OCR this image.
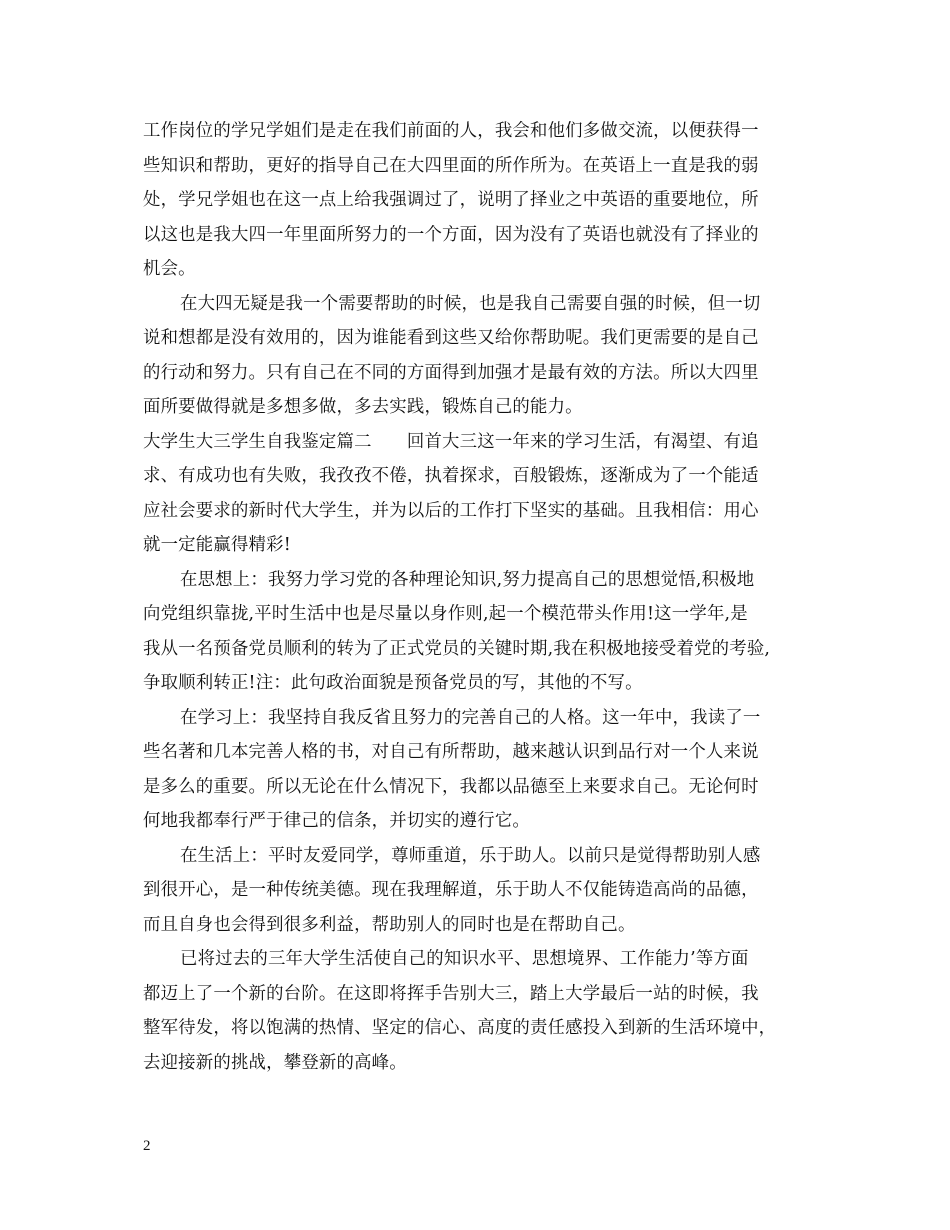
工作岗位的学兄学姐们是走在我们前面的人，我会和他们多做交流，以便获得一
些知识和帮助，更好的指导自己在大四里面的所作所为。在英语上一直是我的弱
处，学兄学姐也在这一点上给我强调过了，说明了择业之中英语的重要地位，所
以这也是我大四一年里面所努力的一个方面，因为没有了英语也就没有了择业的
机会。
在大四无疑是我一个需要帮助的时候，也是我自己需要自强的时候，但一切
说和想都是没有效用的，因为谁能看到这些又给你帮助呢。我们更需要的是自己
的行动和努力。只有自己在不同的方面得到加强才是最有效的方法。所以大四里
面所要做得就是多想多做，多去实践，锻炼自己的能力。
大学生大三学生自我鉴定篇二　　回首大三这一年来的学习生活，有渴望、有追
求、有成功也有失败，我孜孜不倦，执着探求，百般锻炼，逐渐成为了一个能适
应社会要求的新时代大学生，并为以后的工作打下坚实的基础。且我相信：用心
就一定能赢得精彩!
在思想上：我努力学习党的各种理论知识,努力提高自己的思想觉悟,积极地
向党组织靠拢,平时生活中也是尽量以身作则,起一个模范带头作用!这一学年,是
我从一名预备党员顺利的转为了正式党员的关键时期,我在积极地接受着党的考验,
争取顺利转正!注：此句政治面貌是预备党员的写，其他的不写。
在学习上：我坚持自我反省且努力的完善自己的人格。这一年中，我读了一
些名著和几本完善人格的书，对自己有所帮助，越来越认识到品行对一个人来说
是多么的重要。所以无论在什么情况下，我都以品德至上来要求自己。无论何时
何地我都奉行严于律己的信条，并切实的遵行它。
在生活上：平时友爱同学，尊师重道，乐于助人。以前只是觉得帮助别人感
到很开心，是一种传统美德。现在我理解道，乐于助人不仅能铸造高尚的品德，
而且自身也会得到很多利益，帮助别人的同时也是在帮助自己。
已将过去的三年大学生活使自己的知识水平、思想境界、工作能力’等方面
都迈上了一个新的台阶。在这即将挥手告别大三，踏上大学最后一站的时候，我
整军待发，将以饱满的热情、坚定的信心、高度的责任感投入到新的生活环境中，
去迎接新的挑战，攀登新的高峰。
2
